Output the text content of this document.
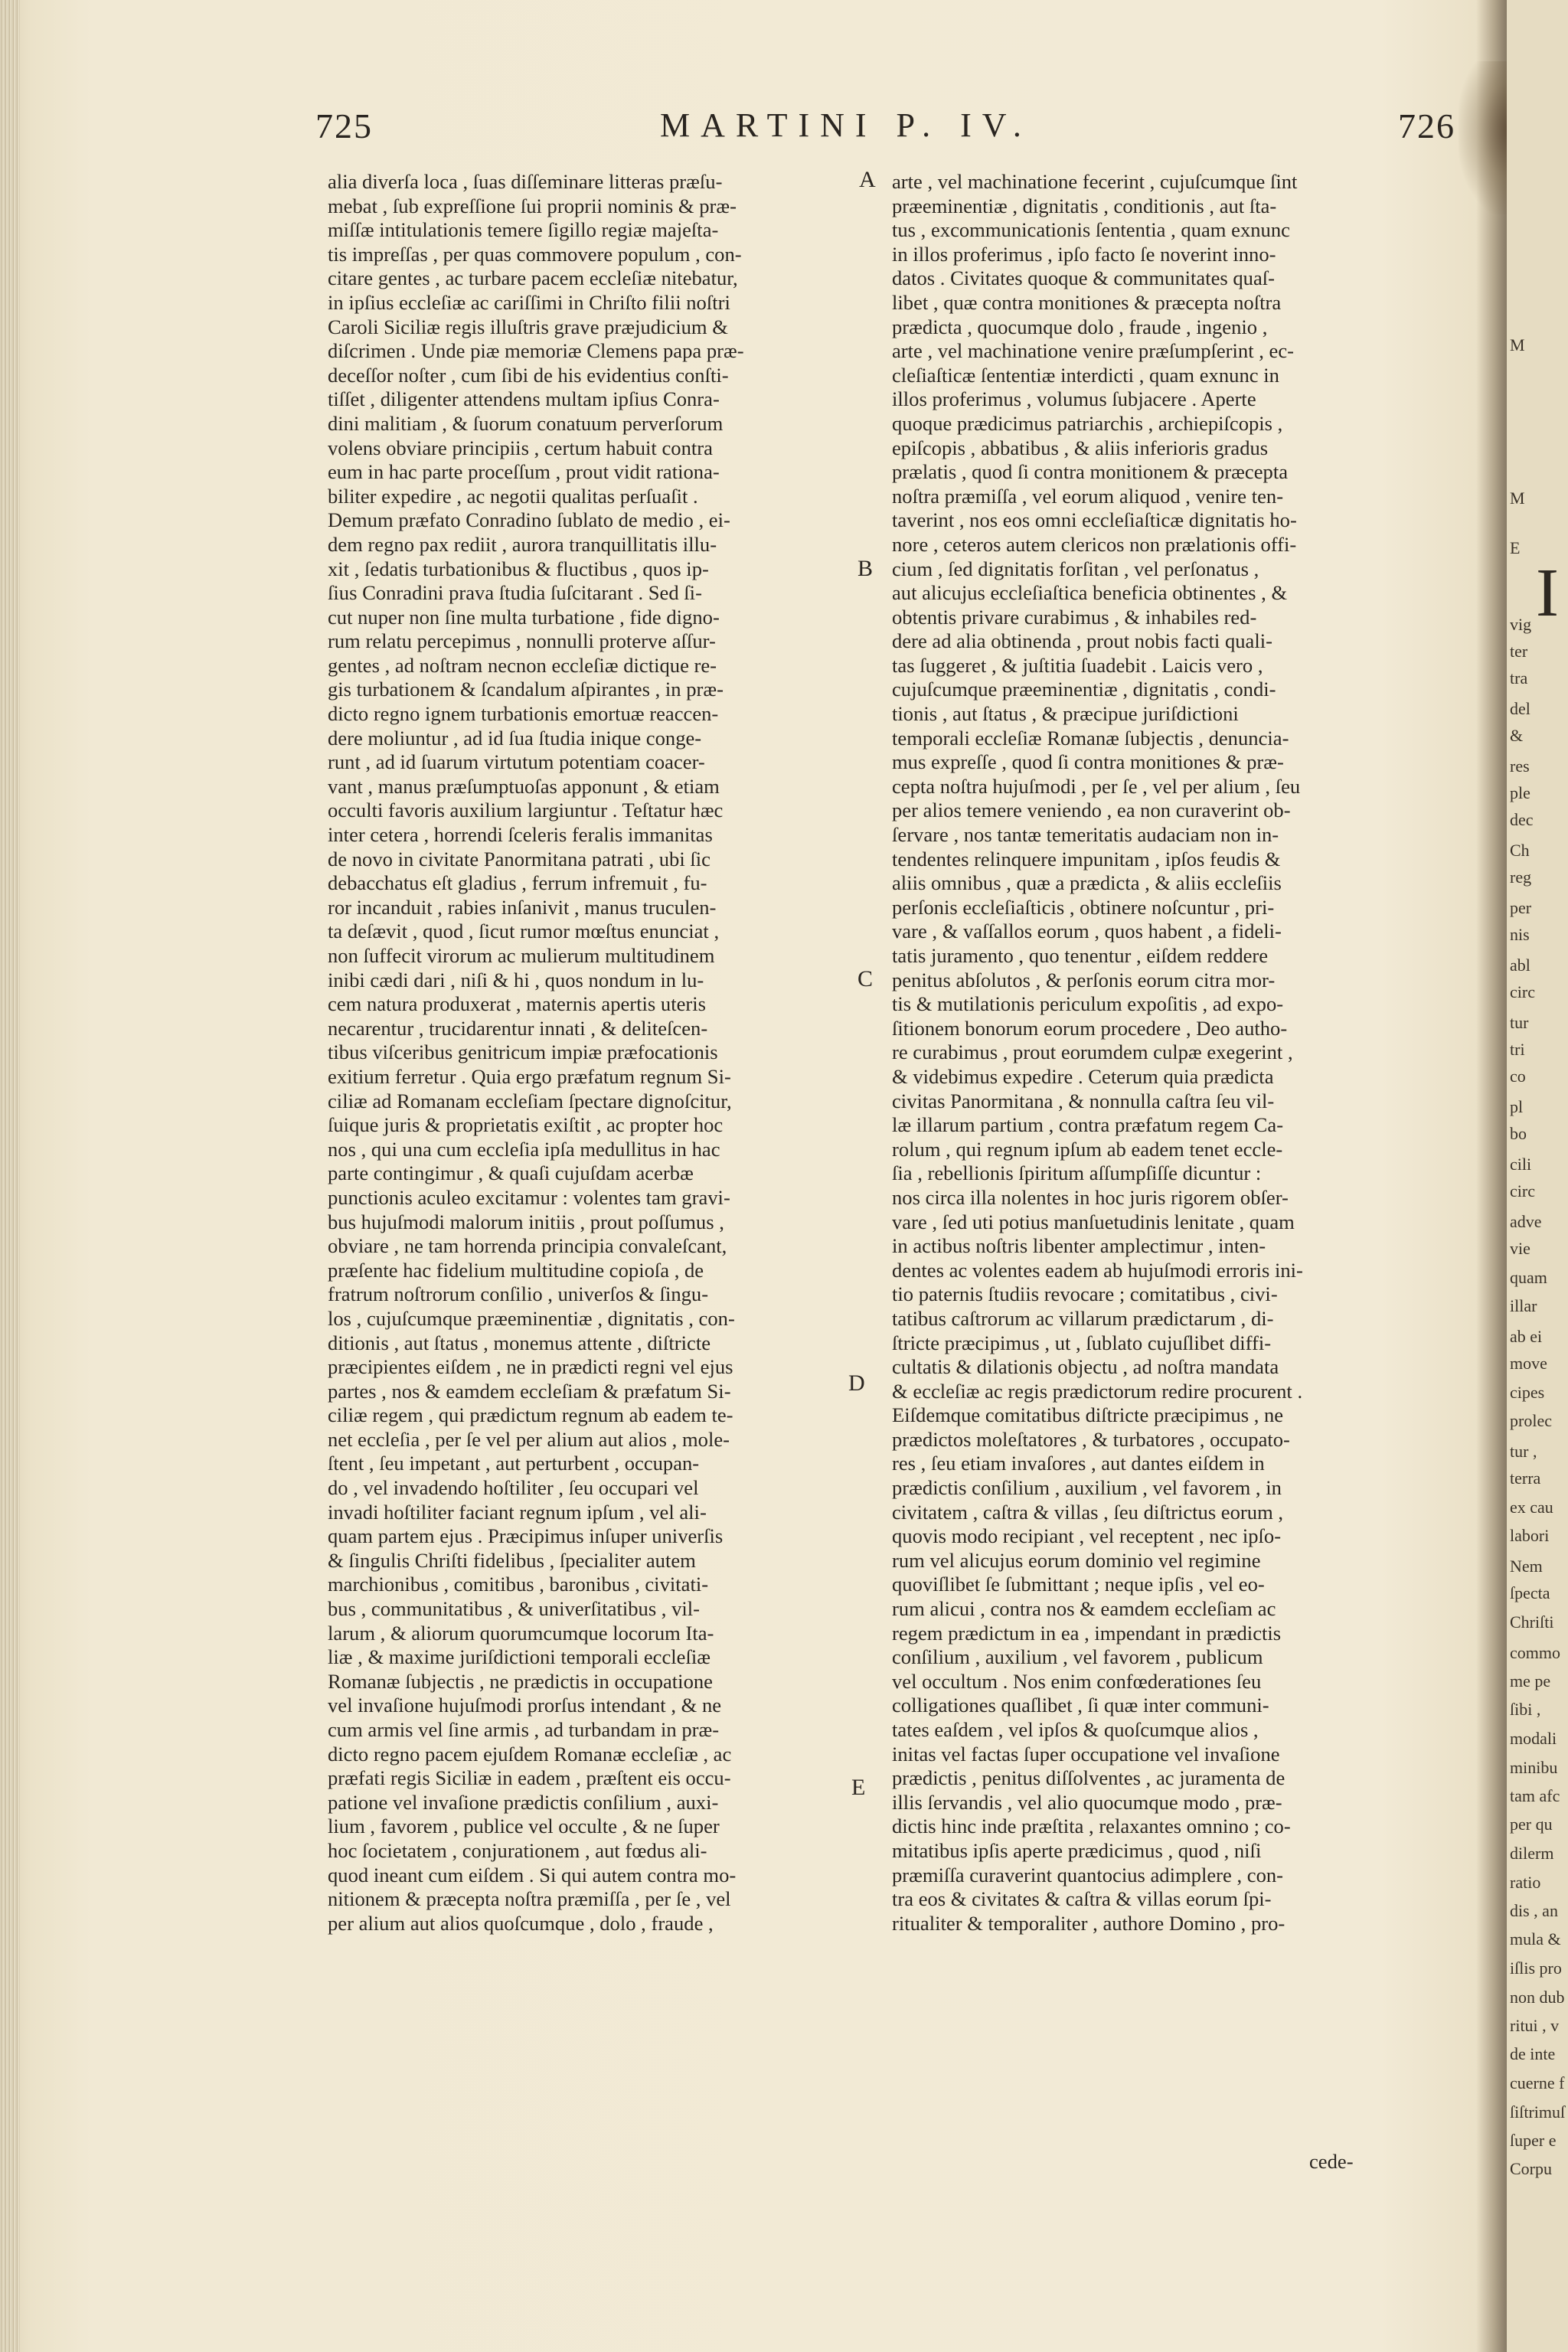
725	MARTINI P. IV.	726
alia diverſa loca , ſuas diſſeminare litteras præſu-
mebat , ſub expreſſione ſui proprii nominis & præ-
miſſæ intitulationis temere ſigillo regiæ majeſta-
tis impreſſas , per quas commovere populum , con-
citare gentes , ac turbare pacem eccleſiæ nitebatur,
in ipſius eccleſiæ ac cariſſimi in Chriſto filii noſtri
Caroli Siciliæ regis illuſtris grave præjudicium &
diſcrimen . Unde piæ memoriæ Clemens papa præ-
deceſſor noſter , cum ſibi de his evidentius conſti-
tiſſet , diligenter attendens multam ipſius Conra-
dini malitiam , & ſuorum conatuum perverſorum
volens obviare principiis , certum habuit contra
eum in hac parte proceſſum , prout vidit rationa-
biliter expedire , ac negotii qualitas perſuaſit .
Demum præfato Conradino ſublato de medio , ei-
dem regno pax rediit , aurora tranquillitatis illu-
xit , ſedatis turbationibus & fluctibus , quos ip-
ſius Conradini prava ſtudia ſuſcitarant . Sed ſi-
cut nuper non ſine multa turbatione , fide digno-
rum relatu percepimus , nonnulli proterve aſſur-
gentes , ad noſtram necnon eccleſiæ dictique re-
gis turbationem & ſcandalum aſpirantes , in præ-
dicto regno ignem turbationis emortuæ reaccen-
dere moliuntur , ad id ſua ſtudia inique conge-
runt , ad id ſuarum virtutum potentiam coacer-
vant , manus præſumptuoſas apponunt , & etiam
occulti favoris auxilium largiuntur . Teſtatur hæc
inter cetera , horrendi ſceleris feralis immanitas
de novo in civitate Panormitana patrati , ubi ſic
debacchatus eſt gladius , ferrum infremuit , fu-
ror incanduit , rabies inſanivit , manus truculen-
ta deſævit , quod , ſicut rumor mœſtus enunciat ,
non ſuffecit virorum ac mulierum multitudinem
inibi cædi dari , niſi & hi , quos nondum in lu-
cem natura produxerat , maternis apertis uteris
necarentur , trucidarentur innati , & deliteſcen-
tibus viſceribus genitricum impiæ præfocationis
exitium ferretur . Quia ergo præfatum regnum Si-
ciliæ ad Romanam eccleſiam ſpectare dignoſcitur,
ſuique juris & proprietatis exiſtit , ac propter hoc
nos , qui una cum eccleſia ipſa medullitus in hac
parte contingimur , & quaſi cujuſdam acerbæ
punctionis aculeo excitamur : volentes tam gravi-
bus hujuſmodi malorum initiis , prout poſſumus ,
obviare , ne tam horrenda principia convaleſcant,
præſente hac fidelium multitudine copioſa , de
fratrum noſtrorum conſilio , univerſos & ſingu-
los , cujuſcumque præeminentiæ , dignitatis , con-
ditionis , aut ſtatus , monemus attente , diſtricte
præcipientes eiſdem , ne in prædicti regni vel ejus
partes , nos & eamdem eccleſiam & præfatum Si-
ciliæ regem , qui prædictum regnum ab eadem te-
net eccleſia , per ſe vel per alium aut alios , mole-
ſtent , ſeu impetant , aut perturbent , occupan-
do , vel invadendo hoſtiliter , ſeu occupari vel
invadi hoſtiliter faciant regnum ipſum , vel ali-
quam partem ejus . Præcipimus inſuper univerſis
& ſingulis Chriſti fidelibus , ſpecialiter autem
marchionibus , comitibus , baronibus , civitati-
bus , communitatibus , & univerſitatibus , vil-
larum , & aliorum quorumcumque locorum Ita-
liæ , & maxime juriſdictioni temporali eccleſiæ
Romanæ ſubjectis , ne prædictis in occupatione
vel invaſione hujuſmodi prorſus intendant , & ne
cum armis vel ſine armis , ad turbandam in præ-
dicto regno pacem ejuſdem Romanæ eccleſiæ , ac
præfati regis Siciliæ in eadem , præſtent eis occu-
patione vel invaſione prædictis conſilium , auxi-
lium , favorem , publice vel occulte , & ne ſuper
hoc ſocietatem , conjurationem , aut fœdus ali-
quod ineant cum eiſdem . Si qui autem contra mo-
nitionem & præcepta noſtra præmiſſa , per ſe , vel
per alium aut alios quoſcumque , dolo , fraude ,
arte , vel machinatione fecerint , cujuſcumque ſint
præeminentiæ , dignitatis , conditionis , aut ſta-
tus , excommunicationis ſententia , quam exnunc
in illos proferimus , ipſo facto ſe noverint inno-
datos . Civitates quoque & communitates quaſ-
libet , quæ contra monitiones & præcepta noſtra
prædicta , quocumque dolo , fraude , ingenio ,
arte , vel machinatione venire præſumpſerint , ec-
cleſiaſticæ ſententiæ interdicti , quam exnunc in
illos proferimus , volumus ſubjacere . Aperte
quoque prædicimus patriarchis , archiepiſcopis ,
epiſcopis , abbatibus , & aliis inferioris gradus
prælatis , quod ſi contra monitionem & præcepta
noſtra præmiſſa , vel eorum aliquod , venire ten-
taverint , nos eos omni eccleſiaſticæ dignitatis ho-
nore , ceteros autem clericos non prælationis offi-
cium , ſed dignitatis forſitan , vel perſonatus ,
aut alicujus eccleſiaſtica beneficia obtinentes , &
obtentis privare curabimus , & inhabiles red-
dere ad alia obtinenda , prout nobis facti quali-
tas ſuggeret , & juſtitia ſuadebit . Laicis vero ,
cujuſcumque præeminentiæ , dignitatis , condi-
tionis , aut ſtatus , & præcipue juriſdictioni
temporali eccleſiæ Romanæ ſubjectis , denuncia-
mus expreſſe , quod ſi contra monitiones & præ-
cepta noſtra hujuſmodi , per ſe , vel per alium , ſeu
per alios temere veniendo , ea non curaverint ob-
ſervare , nos tantæ temeritatis audaciam non in-
tendentes relinquere impunitam , ipſos feudis &
aliis omnibus , quæ a prædicta , & aliis eccleſiis
perſonis eccleſiaſticis , obtinere noſcuntur , pri-
vare , & vaſſallos eorum , quos habent , a fideli-
tatis juramento , quo tenentur , eiſdem reddere
penitus abſolutos , & perſonis eorum citra mor-
tis & mutilationis periculum expoſitis , ad expo-
ſitionem bonorum eorum procedere , Deo autho-
re curabimus , prout eorumdem culpæ exegerint ,
& videbimus expedire . Ceterum quia prædicta
civitas Panormitana , & nonnulla caſtra ſeu vil-
læ illarum partium , contra præfatum regem Ca-
rolum , qui regnum ipſum ab eadem tenet eccle-
ſia , rebellionis ſpiritum aſſumpſiſſe dicuntur :
nos circa illa nolentes in hoc juris rigorem obſer-
vare , ſed uti potius manſuetudinis lenitate , quam
in actibus noſtris libenter amplectimur , inten-
dentes ac volentes eadem ab hujuſmodi erroris ini-
tio paternis ſtudiis revocare ; comitatibus , civi-
tatibus caſtrorum ac villarum prædictarum , di-
ſtricte præcipimus , ut , ſublato cujuſlibet diffi-
cultatis & dilationis objectu , ad noſtra mandata
& eccleſiæ ac regis prædictorum redire procurent .
Eiſdemque comitatibus diſtricte præcipimus , ne
prædictos moleſtatores , & turbatores , occupato-
res , ſeu etiam invaſores , aut dantes eiſdem in
prædictis conſilium , auxilium , vel favorem , in
civitatem , caſtra & villas , ſeu diſtrictus eorum ,
quovis modo recipiant , vel receptent , nec ipſo-
rum vel alicujus eorum dominio vel regimine
quoviſlibet ſe ſubmittant ; neque ipſis , vel eo-
rum alicui , contra nos & eamdem eccleſiam ac
regem prædictum in ea , impendant in prædictis
conſilium , auxilium , vel favorem , publicum
vel occultum . Nos enim confœderationes ſeu
colligationes quaſlibet , ſi quæ inter communi-
tates eaſdem , vel ipſos & quoſcumque alios ,
initas vel factas ſuper occupatione vel invaſione
prædictis , penitus diſſolventes , ac juramenta de
illis ſervandis , vel alio quocumque modo , præ-
dictis hinc inde præſtita , relaxantes omnino ; co-
mitatibus ipſis aperte prædicimus , quod , niſi
præmiſſa curaverint quantocius adimplere , con-
tra eos & civitates & caſtra & villas eorum ſpi-
ritualiter & temporaliter , authore Domino , pro-
A
B
C
D
E
cede-
I
M
M
E
vig
ter
tra
del
&
res
ple
dec
Ch
reg
per
nis
abl
circ
tur
tri
co
pl
bo
cili
circ
adve
vie
quam
illar
ab ei
move
cipes
prolec
tur ,
terra
ex cau
labori
Nem
ſpecta
Chriſti
commo
me pe
ſibi ,
modali
minibu
tam afc
per qu
dilerm
ratio
dis , an
mula &
iſlis pro
non dub
ritui , v
de inte
cuerne f
ſiſtrimuſ
ſuper e
Corpu
